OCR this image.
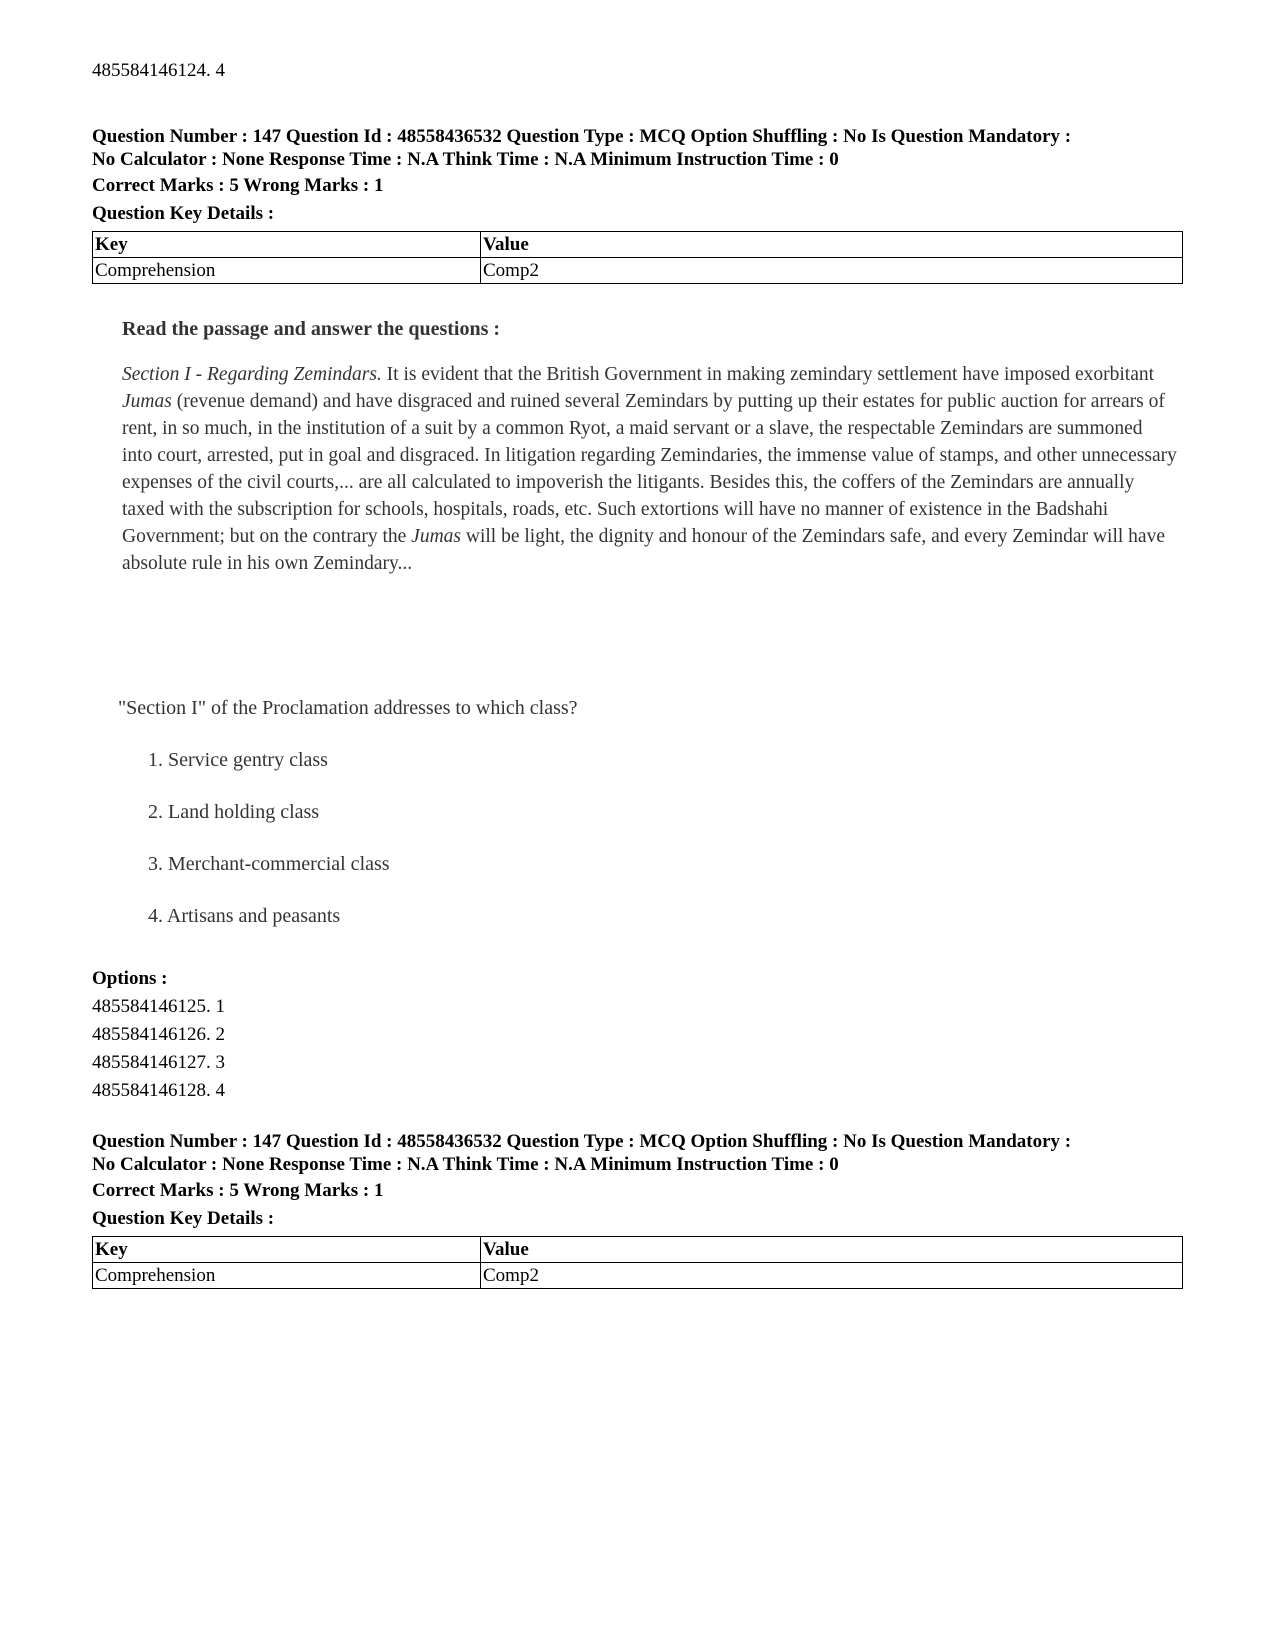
485584146124. 4
Question Number : 147 Question Id : 48558436532 Question Type : MCQ Option Shuffling : No Is Question Mandatory :
No Calculator : None Response Time : N.A Think Time : N.A Minimum Instruction Time : 0
Correct Marks : 5 Wrong Marks : 1
Question Key Details :
Key	Value
Comprehension	Comp2
Read the passage and answer the questions :
Section I - Regarding Zemindars. It is evident that the British Government in making zemindary settlement have imposed exorbitant Jumas (revenue demand) and have disgraced and ruined several Zemindars by putting up their estates for public auction for arrears of rent, in so much, in the institution of a suit by a common Ryot, a maid servant or a slave, the respectable Zemindars are summoned into court, arrested, put in goal and disgraced. In litigation regarding Zemindaries, the immense value of stamps, and other unnecessary expenses of the civil courts,... are all calculated to impoverish the litigants. Besides this, the coffers of the Zemindars are annually taxed with the subscription for schools, hospitals, roads, etc. Such extortions will have no manner of existence in the Badshahi Government; but on the contrary the Jumas will be light, the dignity and honour of the Zemindars safe, and every Zemindar will have absolute rule in his own Zemindary...
"Section I" of the Proclamation addresses to which class?
1. Service gentry class
2. Land holding class
3. Merchant-commercial class
4. Artisans and peasants
Options :
485584146125. 1
485584146126. 2
485584146127. 3
485584146128. 4
Question Number : 147 Question Id : 48558436532 Question Type : MCQ Option Shuffling : No Is Question Mandatory :
No Calculator : None Response Time : N.A Think Time : N.A Minimum Instruction Time : 0
Correct Marks : 5 Wrong Marks : 1
Question Key Details :
Key	Value
Comprehension	Comp2
